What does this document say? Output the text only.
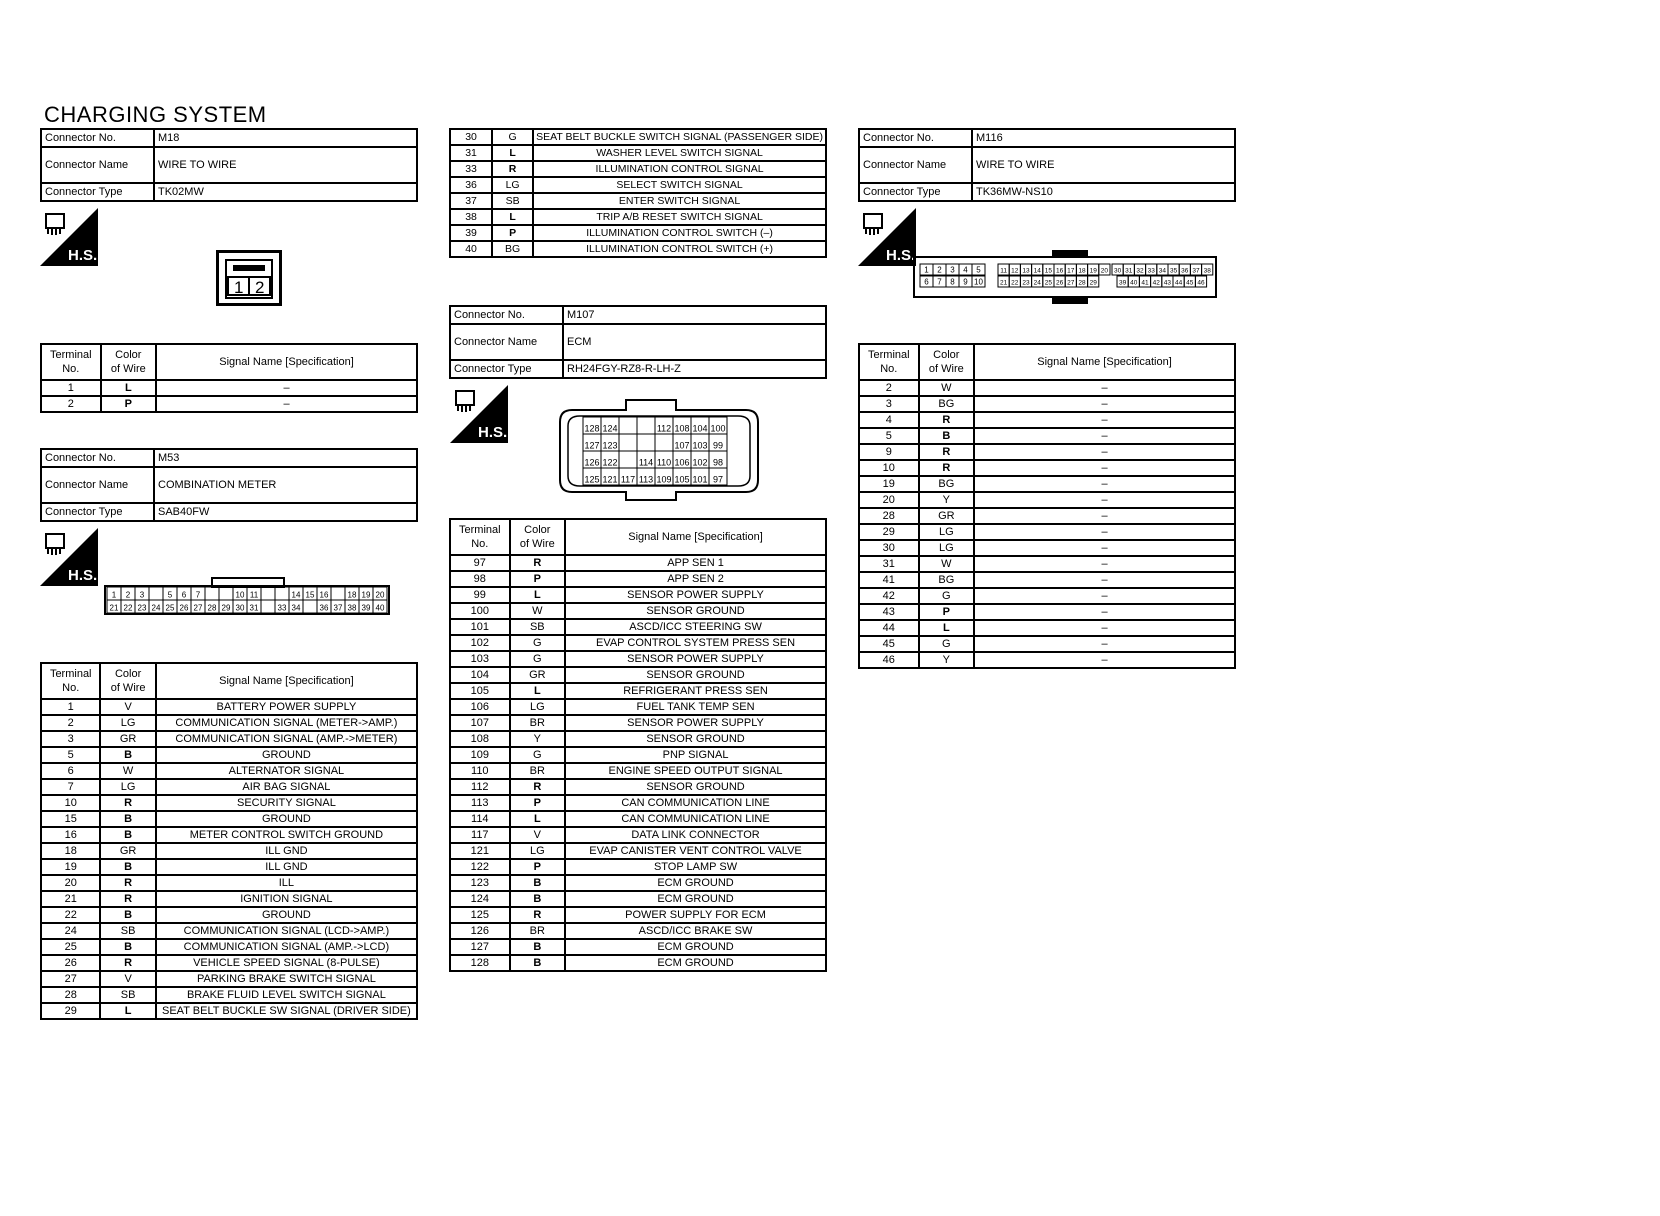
CHARGING SYSTEM
Connector No.	M18
Connector Name	WIRE TO WIRE
Connector Type	TK02MW
H.S.
1 2
Terminal
No.	Color
of Wire	Signal Name [Specification]
1	L	–
2	P	–
Connector No.	M53
Connector Name	COMBINATION METER
Connector Type	SAB40FW
H.S.
1 2 3	5 6 7	10 11	14 15 16 18 19 20
21 22 23 24 25 26 27 28 29 30 31 33 34 36 37 38 39 40
Terminal
No.	Color
of Wire	Signal Name [Specification]
1	V	BATTERY POWER SUPPLY
2	LG	COMMUNICATION SIGNAL (METER->AMP.)
3	GR	COMMUNICATION SIGNAL (AMP.->METER)
5	B	GROUND
6	W	ALTERNATOR SIGNAL
7	LG	AIR BAG SIGNAL
10	R	SECURITY SIGNAL
15	B	GROUND
16	B	METER CONTROL SWITCH GROUND
18	GR	ILL GND
19	B	ILL GND
20	R	ILL
21	R	IGNITION SIGNAL
22	B	GROUND
24	SB	COMMUNICATION SIGNAL (LCD->AMP.)
25	B	COMMUNICATION SIGNAL (AMP.->LCD)
26	R	VEHICLE SPEED SIGNAL (8-PULSE)
27	V	PARKING BRAKE SWITCH SIGNAL
28	SB	BRAKE FLUID LEVEL SWITCH SIGNAL
29	L	SEAT BELT BUCKLE SW SIGNAL (DRIVER SIDE)
30	G	SEAT BELT BUCKLE SWITCH SIGNAL (PASSENGER SIDE)
31	L	WASHER LEVEL SWITCH SIGNAL
33	R	ILLUMINATION CONTROL SIGNAL
36	LG	SELECT SWITCH SIGNAL
37	SB	ENTER SWITCH SIGNAL
38	L	TRIP A/B RESET SWITCH SIGNAL
39	P	ILLUMINATION CONTROL SWITCH (–)
40	BG	ILLUMINATION CONTROL SWITCH (+)
Connector No.	M107
Connector Name	ECM
Connector Type	RH24FGY-RZ8-R-LH-Z
H.S.	128 124	112 108 104 100
127 123	107 103 99
126 122 114 110 106 102 98
125 121 117 113 109 105 101 97
Terminal
No.	Color
of Wire	Signal Name [Specification]
97	R	APP SEN 1
98	P	APP SEN 2
99	L	SENSOR POWER SUPPLY
100	W	SENSOR GROUND
101	SB	ASCD/ICC STEERING SW
102	G	EVAP CONTROL SYSTEM PRESS SEN
103	G	SENSOR POWER SUPPLY
104	GR	SENSOR GROUND
105	L	REFRIGERANT PRESS SEN
106	LG	FUEL TANK TEMP SEN
107	BR	SENSOR POWER SUPPLY
108	Y	SENSOR GROUND
109	G	PNP SIGNAL
110	BR	ENGINE SPEED OUTPUT SIGNAL
112	R	SENSOR GROUND
113	P	CAN COMMUNICATION LINE
114	L	CAN COMMUNICATION LINE
117	V	DATA LINK CONNECTOR
121	LG	EVAP CANISTER VENT CONTROL VALVE
122	P	STOP LAMP SW
123	B	ECM GROUND
124	B	ECM GROUND
125	R	POWER SUPPLY FOR ECM
126	BR	ASCD/ICC BRAKE SW
127	B	ECM GROUND
128	B	ECM GROUND
Connector No.	M116
Connector Name	WIRE TO WIRE
Connector Type	TK36MW-NS10
H.S.
1 2 3 4 5
6 7 8 9 10
11 12 13 14 15 16 17 18 19 20
21 22 23 24 25 26 27 28 29
30 31 32 33 34 35 36 37 38
39 40 41 42 43 44 45 46
Terminal
No.	Color
of Wire	Signal Name [Specification]
2	W	–
3	BG	–
4	R	–
5	B	–
9	R	–
10	R	–
19	BG	–
20	Y	–
28	GR	–
29	LG	–
30	LG	–
31	W	–
41	BG	–
42	G	–
43	P	–
44	L	–
45	G	–
46	Y	–
